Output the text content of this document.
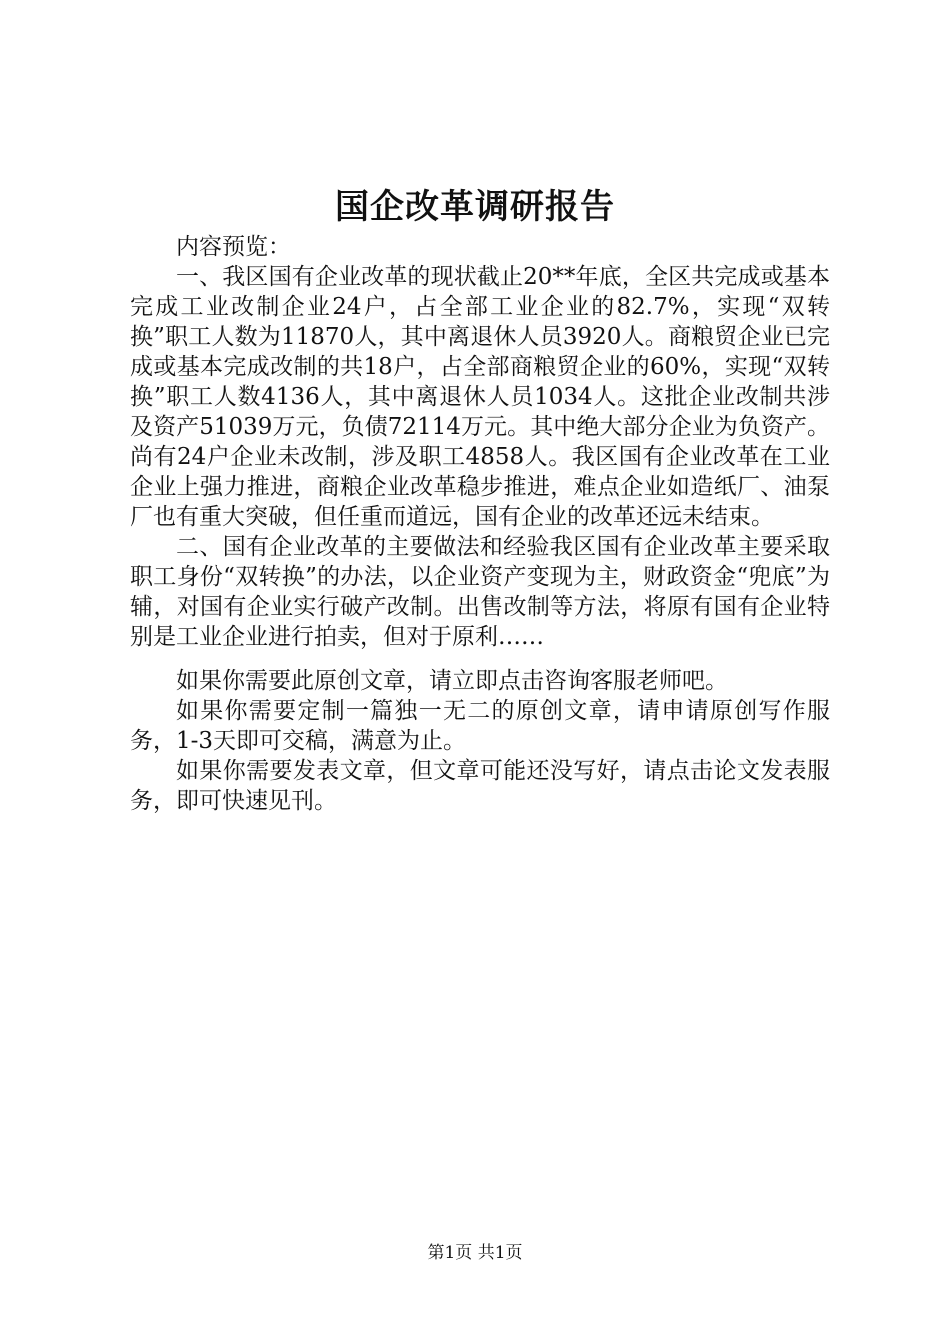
国企改革调研报告

内容预览：

一、我区国有企业改革的现状截止20**年底，全区共完成或基本完成工业改制企业24户，占全部工业企业的82.7%，实现“双转换”职工人数为11870人，其中离退休人员3920人。商粮贸企业已完成或基本完成改制的共18户，占全部商粮贸企业的60%，实现“双转换”职工人数4136人，其中离退休人员1034人。这批企业改制共涉及资产51039万元，负债72114万元。其中绝大部分企业为负资产。尚有24户企业未改制，涉及职工4858人。我区国有企业改革在工业企业上强力推进，商粮企业改革稳步推进，难点企业如造纸厂、油泵厂也有重大突破，但任重而道远，国有企业的改革还远未结束。

二、国有企业改革的主要做法和经验我区国有企业改革主要采取职工身份“双转换”的办法，以企业资产变现为主，财政资金“兜底”为辅，对国有企业实行破产改制。出售改制等方法，将原有国有企业特别是工业企业进行拍卖，但对于原利……

如果你需要此原创文章，请立即点击咨询客服老师吧。

如果你需要定制一篇独一无二的原创文章，请申请原创写作服务，1-3天即可交稿，满意为止。

如果你需要发表文章，但文章可能还没写好，请点击论文发表服务，即可快速见刊。

第1页 共1页
